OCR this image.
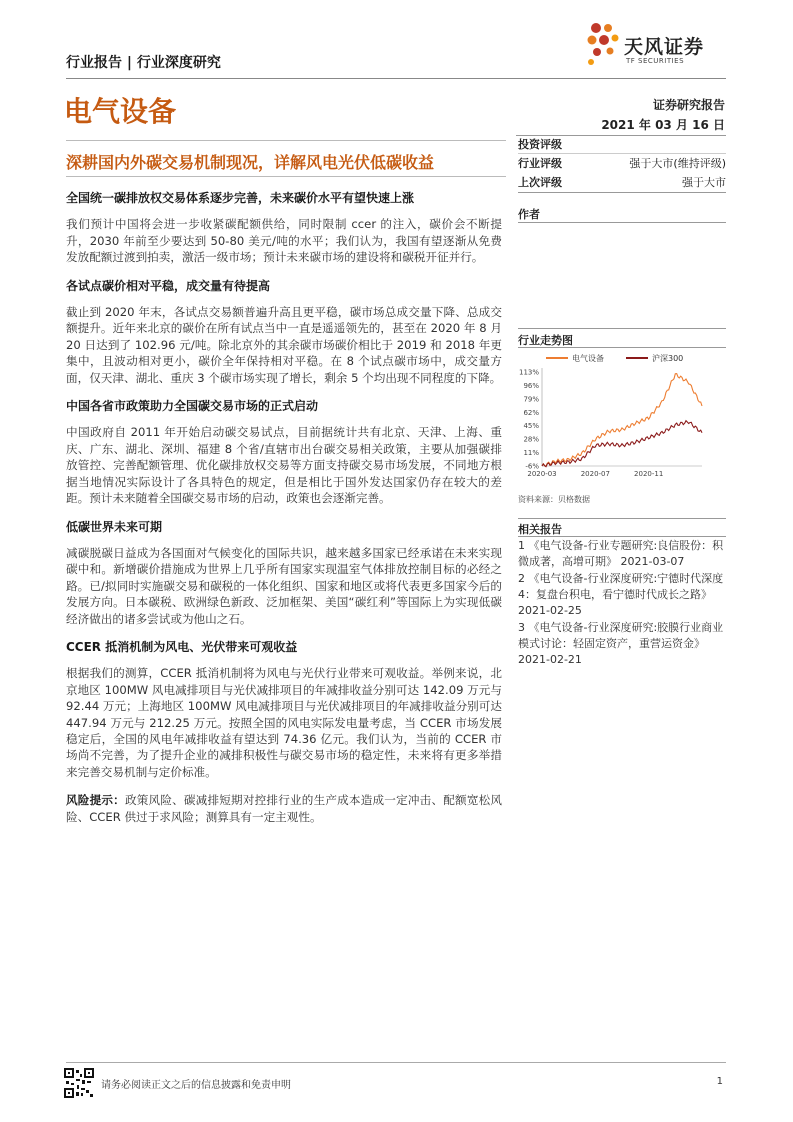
行业报告 | 行业深度研究
天风证券
TF SECURITIES
电气设备	证券研究报告
2021 年 03 月 16 日
深耕国内外碳交易机制现况，详解风电光伏低碳收益
投资评级
行业评级	强于大市(维持评级)
上次评级	强于大市
作者
全国统一碳排放权交易体系逐步完善，未来碳价水平有望快速上涨
我们预计中国将会进一步收紧碳配额供给，同时限制 ccer 的注入，碳价会不断提升，2030 年前至少要达到 50-80 美元/吨的水平；我们认为，我国有望逐渐从免费发放配额过渡到拍卖，激活一级市场；预计未来碳市场的建设将和碳税开征并行。
各试点碳价相对平稳，成交量有待提高
截止到 2020 年末，各试点交易额普遍升高且更平稳，碳市场总成交量下降、总成交额提升。近年来北京的碳价在所有试点当中一直是遥遥领先的，甚至在 2020 年 8 月 20 日达到了 102.96 元/吨。除北京外的其余碳市场碳价相比于 2019 和 2018 年更集中，且波动相对更小，碳价全年保持相对平稳。在 8 个试点碳市场中，成交量方面，仅天津、湖北、重庆 3 个碳市场实现了增长，剩余 5 个均出现不同程度的下降。
中国各省市政策助力全国碳交易市场的正式启动
中国政府自 2011 年开始启动碳交易试点，目前据统计共有北京、天津、上海、重庆、广东、湖北、深圳、福建 8 个省/直辖市出台碳交易相关政策，主要从加强碳排放管控、完善配额管理、优化碳排放权交易等方面支持碳交易市场发展，不同地方根据当地情况实际设计了各具特色的规定，但是相比于国外发达国家仍存在较大的差距。预计未来随着全国碳交易市场的启动，政策也会逐渐完善。
低碳世界未来可期
减碳脱碳日益成为各国面对气候变化的国际共识，越来越多国家已经承诺在未来实现碳中和。新增碳价措施成为世界上几乎所有国家实现温室气体排放控制目标的必经之路。已/拟同时实施碳交易和碳税的一体化组织、国家和地区或将代表更多国家今后的发展方向。日本碳税、欧洲绿色新政、泛加框架、美国“碳红利”等国际上为实现低碳经济做出的诸多尝试或为他山之石。
CCER 抵消机制为风电、光伏带来可观收益
根据我们的测算，CCER 抵消机制将为风电与光伏行业带来可观收益。举例来说，北京地区 100MW 风电减排项目与光伏减排项目的年减排收益分别可达 142.09 万元与 92.44 万元；上海地区 100MW 风电减排项目与光伏减排项目的年减排收益分别可达 447.94 万元与 212.25 万元。按照全国的风电实际发电量考虑，当 CCER 市场发展稳定后，全国的风电年减排收益有望达到 74.36 亿元。我们认为，当前的 CCER 市场尚不完善，为了提升企业的减排积极性与碳交易市场的稳定性，未来将有更多举措来完善交易机制与定价标准。
风险提示：政策风险、碳减排短期对控排行业的生产成本造成一定冲击、配额宽松风险、CCER 供过于求风险；测算具有一定主观性。
行业走势图
电气设备	沪深300
113%
96%
79%
62%
45%
28%
11%
-6%
2020-03	2020-07	2020-11
资料来源：贝格数据
相关报告
1 《电气设备-行业专题研究:良信股份：积微成著，高增可期》 2021-03-07
2 《电气设备-行业深度研究:宁德时代深度 4：复盘台积电，看宁德时代成长之路》 2021-02-25
3 《电气设备-行业深度研究:胶膜行业商业模式讨论：轻固定资产，重营运资金》 2021-02-21
请务必阅读正文之后的信息披露和免责申明	1
